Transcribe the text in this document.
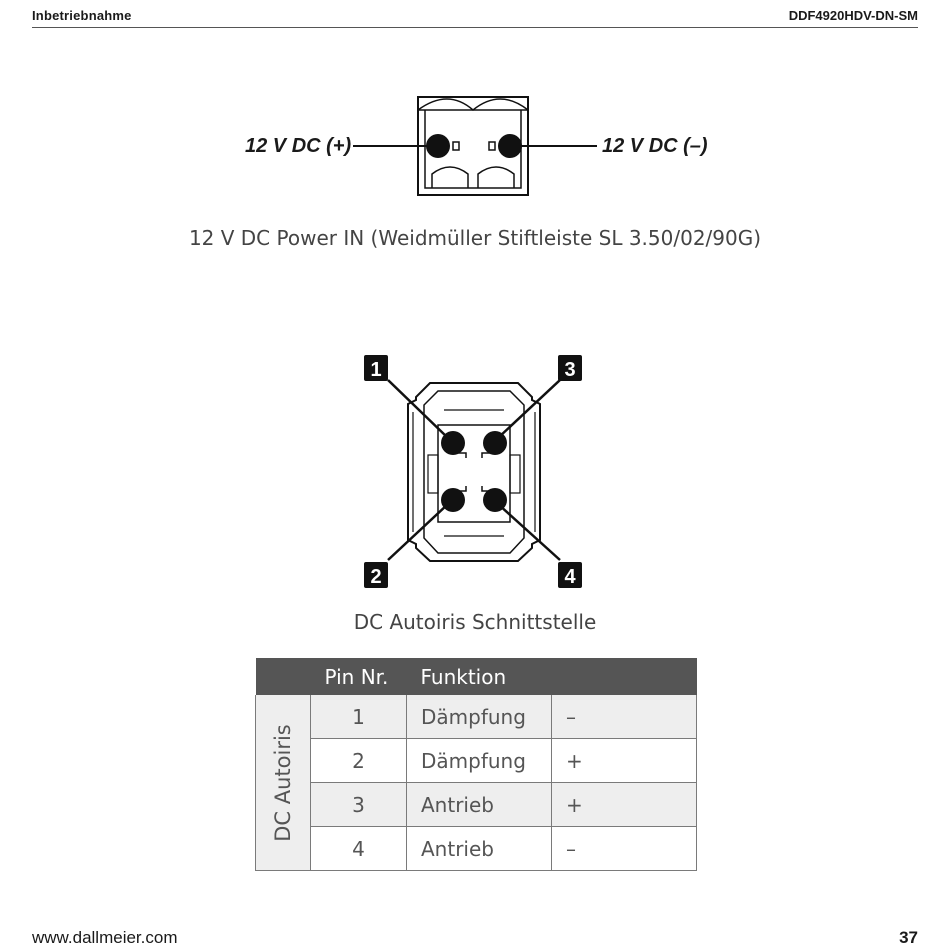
Inbetriebnahme	DDF4920HDV-DN-SM
12 V DC (+)	12 V DC (–)
12 V DC Power IN (Weidmüller Stiftleiste SL 3.50/02/90G)
1	3
2	4
DC Autoiris Schnittstelle
	Pin Nr.	Funktion	

DC Autoiris	1	Dämpfung	–
	2	Dämpfung	+
	3	Antrieb	+
	4	Antrieb	–
www.dallmeier.com	37
